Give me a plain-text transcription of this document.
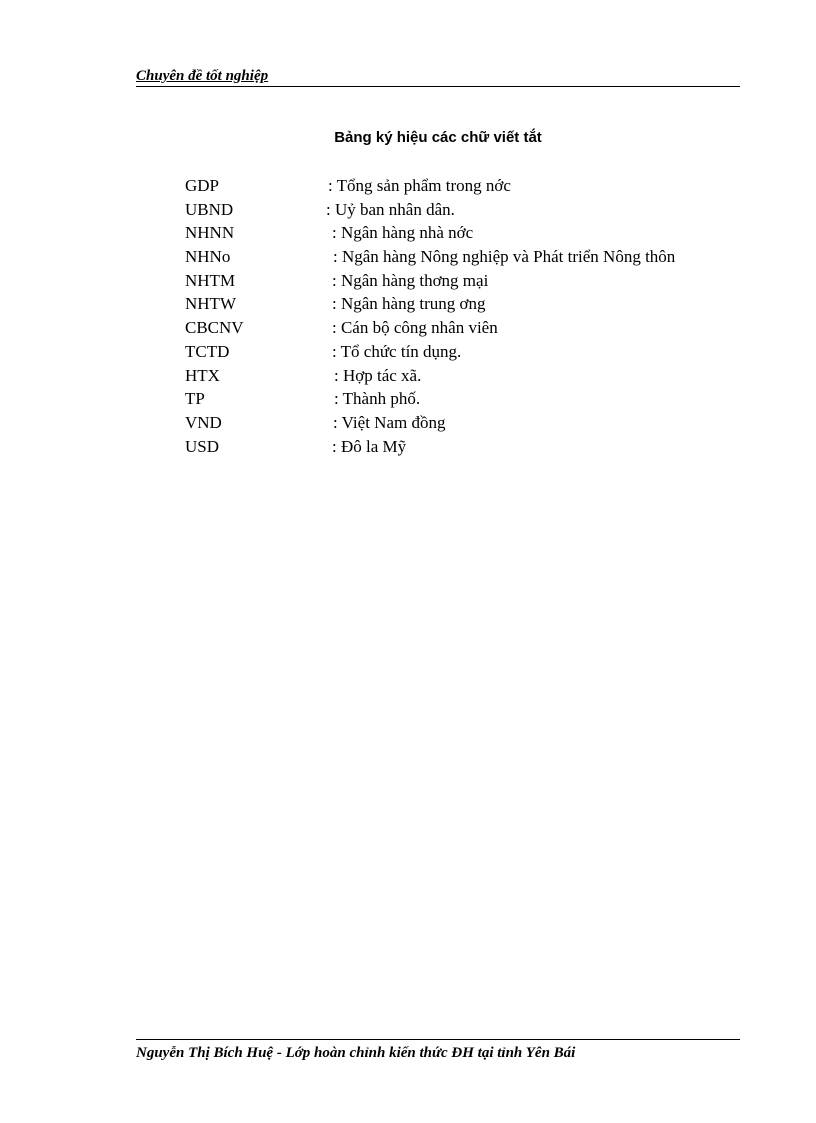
Chuyên đề tốt nghiệp
Bảng ký hiệu các chữ viết tắt
GDP	: Tổng sản phẩm trong nớc
UBND	: Uỷ ban nhân dân.
NHNN	: Ngân hàng nhà nớc
NHNo	: Ngân hàng Nông nghiệp và Phát triển Nông thôn
NHTM	: Ngân hàng thơng mại
NHTW	: Ngân hàng trung ơng
CBCNV	: Cán bộ công nhân viên
TCTD	: Tổ chức tín dụng.
HTX	: Hợp tác xã.
TP	: Thành phố.
VND	: Việt Nam đồng
USD	: Đô la Mỹ
Nguyễn Thị Bích Huệ - Lớp hoàn chỉnh kiến thức ĐH tại tỉnh Yên Bái
